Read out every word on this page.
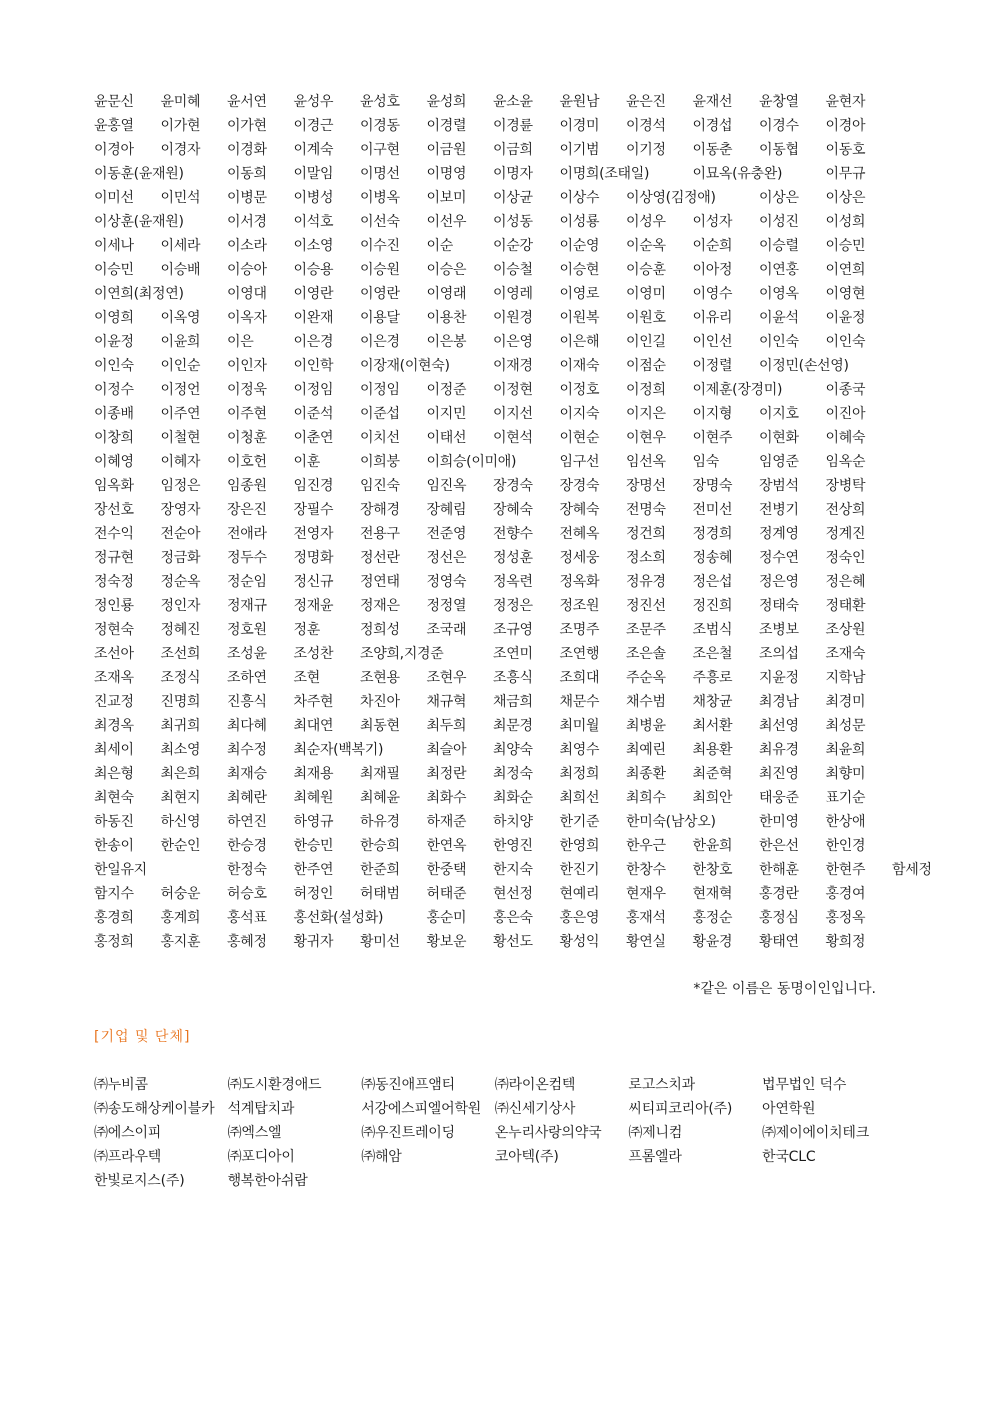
윤문신 윤미혜 윤서연 윤성우 윤성호 윤성희 윤소윤 윤원남 윤은진 윤재선 윤창열 윤현자
윤홍열 이가현 이가현 이경근 이경동 이경렬 이경륜 이경미 이경석 이경섭 이경수 이경아
이경아 이경자 이경화 이계숙 이구현 이금원 이금희 이기범 이기정 이동춘 이동협 이동호
이동훈(윤재원)	이동희 이말임 이명선 이명영 이명자 이명희(조태일)	이묘옥(유충완)	이무규
이미선 이민석 이병문 이병성 이병옥 이보미 이상균 이상수 이상영(김정애)	이상은 이상은
이상훈(윤재원)	이서경 이석호 이선숙 이선우 이성동 이성룡 이성우 이성자 이성진 이성희
이세나 이세라 이소라 이소영 이수진 이순	이순강 이순영 이순옥 이순희 이승렬 이승민
이승민 이승배 이승아 이승용 이승원 이승은 이승철 이승현 이승훈 이아정 이연홍 이연희
이연희(최정연)	이영대 이영란 이영란 이영래 이영레 이영로 이영미 이영수 이영옥 이영현
이영희 이옥영 이옥자 이완재 이용달 이용찬 이원경 이원복 이원호 이유리 이윤석 이윤정
이윤정 이윤희 이은	이은경 이은경 이은봉 이은영 이은해 이인길 이인선 이인숙 이인숙
이인숙 이인순 이인자 이인학 이장재(이현숙)	이재경 이재숙 이점순 이정렬 이정민(손선영)
이정수 이정언 이정욱 이정임 이정임 이정준 이정현 이정호 이정희 이제훈(장경미)	이종국
이종배 이주연 이주현 이준석 이준섭 이지민 이지선 이지숙 이지은 이지형 이지호 이진아
이창희 이철현 이청훈 이춘연 이치선 이태선 이현석 이현순 이현우 이현주 이현화 이혜숙
이혜영 이혜자 이호헌 이훈	이희붕 이희승(이미애)	임구선 임선옥 임숙	임영준 임옥순
임옥화 임정은 임종원 임진경 임진숙 임진옥 장경숙 장경숙 장명선 장명숙 장범석 장병탁
장선호 장영자 장은진 장필수 장해경 장혜림 장혜숙 장혜숙 전명숙 전미선 전병기 전상희
전수익 전순아 전애라 전영자 전용구 전준영 전향수 전혜옥 정건희 정경희 정계영 정계진
정규현 정금화 정두수 정명화 정선란 정선은 정성훈 정세웅 정소희 정송혜 정수연 정숙인
정숙정 정순옥 정순임 정신규 정연태 정영숙 정옥련 정옥화 정유경 정은섭 정은영 정은혜
정인룡 정인자 정재규 정재윤 정재은 정정열 정정은 정조원 정진선 정진희 정태숙 정태환
정현숙 정혜진 정호원 정훈	정희성 조국래 조규영 조명주 조문주 조범식 조병보 조상원
조선아 조선희 조성윤 조성찬 조양희,지경준	조연미 조연행 조은솔 조은철 조의섭 조재숙
조재옥 조정식 조하연 조현	조현용 조현우 조흥식 조희대 주순옥 주흥로 지윤정 지학남
진교정 진명희 진흥식 차주현 차진아 채규혁 채금희 채문수 채수범 채창균 최경남 최경미
최경옥 최귀희 최다혜 최대연 최동현 최두희 최문경 최미월 최병윤 최서환 최선영 최성문
최세이 최소영 최수정 최순자(백복기)	최슬아 최양숙 최영수 최예린 최용환 최유경 최윤희
최은형 최은희 최재승 최재용 최재필 최정란 최정숙 최정희 최종환 최준혁 최진영 최향미
최현숙 최현지 최혜란 최혜원 최혜윤 최화수 최화순 최희선 최희수 최희안 태웅준 표기순
하동진 하신영 하연진 하영규 하유경 하재준 하치양 한기준 한미숙(남상오)	한미영 한상애
한송이 한순인 한승경 한승민 한승희 한연옥 한영진 한영희 한우근 한윤희 한은선 한인경
한일유지	한정숙 한주연 한준희 한중택 한지숙 한진기 한창수 한창호 한해훈 한현주 함세정
함지수 허숭운 허승호 허정인 허태범 허태준 현선정 현예리 현재우 현재혁 홍경란 홍경여
홍경희 홍계희 홍석표 홍선화(설성화)	홍순미 홍은숙 홍은영 홍재석 홍정순 홍정심 홍정옥
홍정희 홍지훈 홍혜정 황귀자 황미선 황보운 황선도 황성익 황연실 황윤경 황태연 황희정
*같은 이름은 동명이인입니다.
[기업 및 단체]
㈜누비콤	㈜도시환경애드	㈜동진애프앰티	㈜라이온컴텍	로고스치과	법무법인 덕수
㈜송도해상케이블카 석계탑치과	서강에스피엘어학원 ㈜신세기상사	씨티피코리아(주) 아연학원
㈜에스이피	㈜엑스엘	㈜우진트레이딩	온누리사랑의약국 ㈜제니컴	㈜제이에이치테크
㈜프라우텍	㈜포디아이	㈜해암	코아텍(주)	프롬엘라	한국CLC
한빛로지스(주)	행복한아쉬람
